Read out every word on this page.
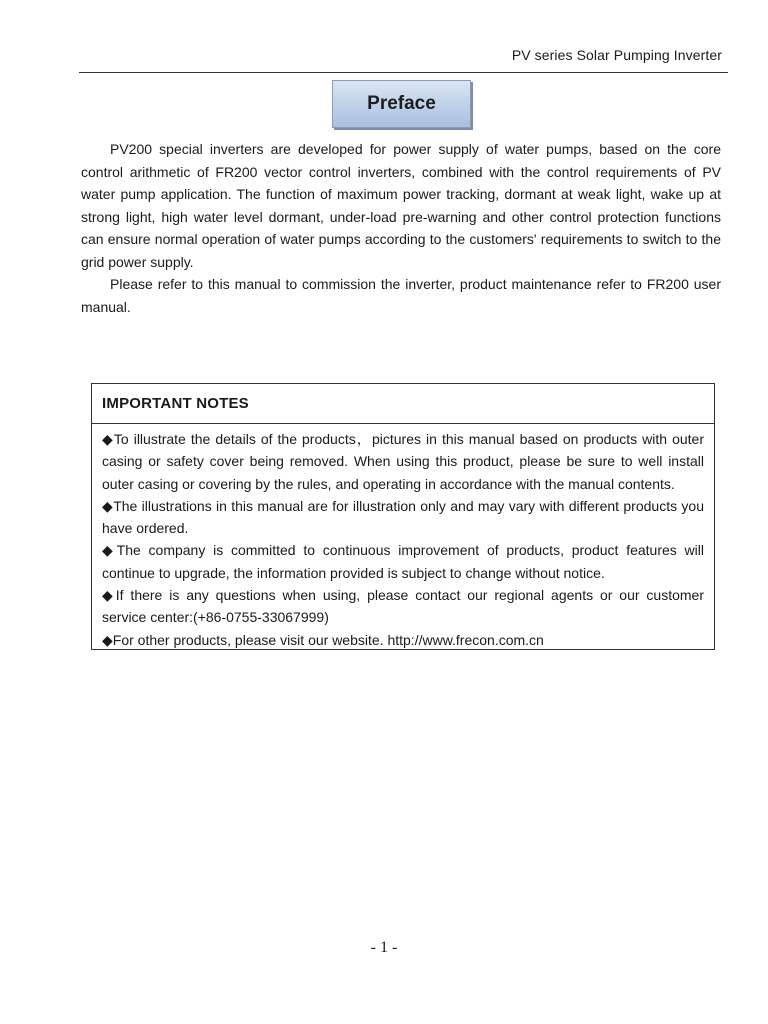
PV series Solar Pumping Inverter
Preface

PV200 special inverters are developed for power supply of water pumps, based on the core control arithmetic of FR200 vector control inverters, combined with the control requirements of PV water pump application. The function of maximum power tracking, dormant at weak light, wake up at strong light, high water level dormant, under-load pre-warning and other control protection functions can ensure normal operation of water pumps according to the customers' requirements to switch to the grid power supply.

Please refer to this manual to commission the inverter, product maintenance refer to FR200 user manual.

IMPORTANT NOTES

◆To illustrate the details of the products，pictures in this manual based on products with outer casing or safety cover being removed. When using this product, please be sure to well install outer casing or covering by the rules, and operating in accordance with the manual contents.

◆The illustrations in this manual are for illustration only and may vary with different products you have ordered.

◆The company is committed to continuous improvement of products, product features will continue to upgrade, the information provided is subject to change without notice.

◆If there is any questions when using, please contact our regional agents or our customer service center:(+86-0755-33067999)

◆For other products, please visit our website. http://www.frecon.com.cn

- 1 -
